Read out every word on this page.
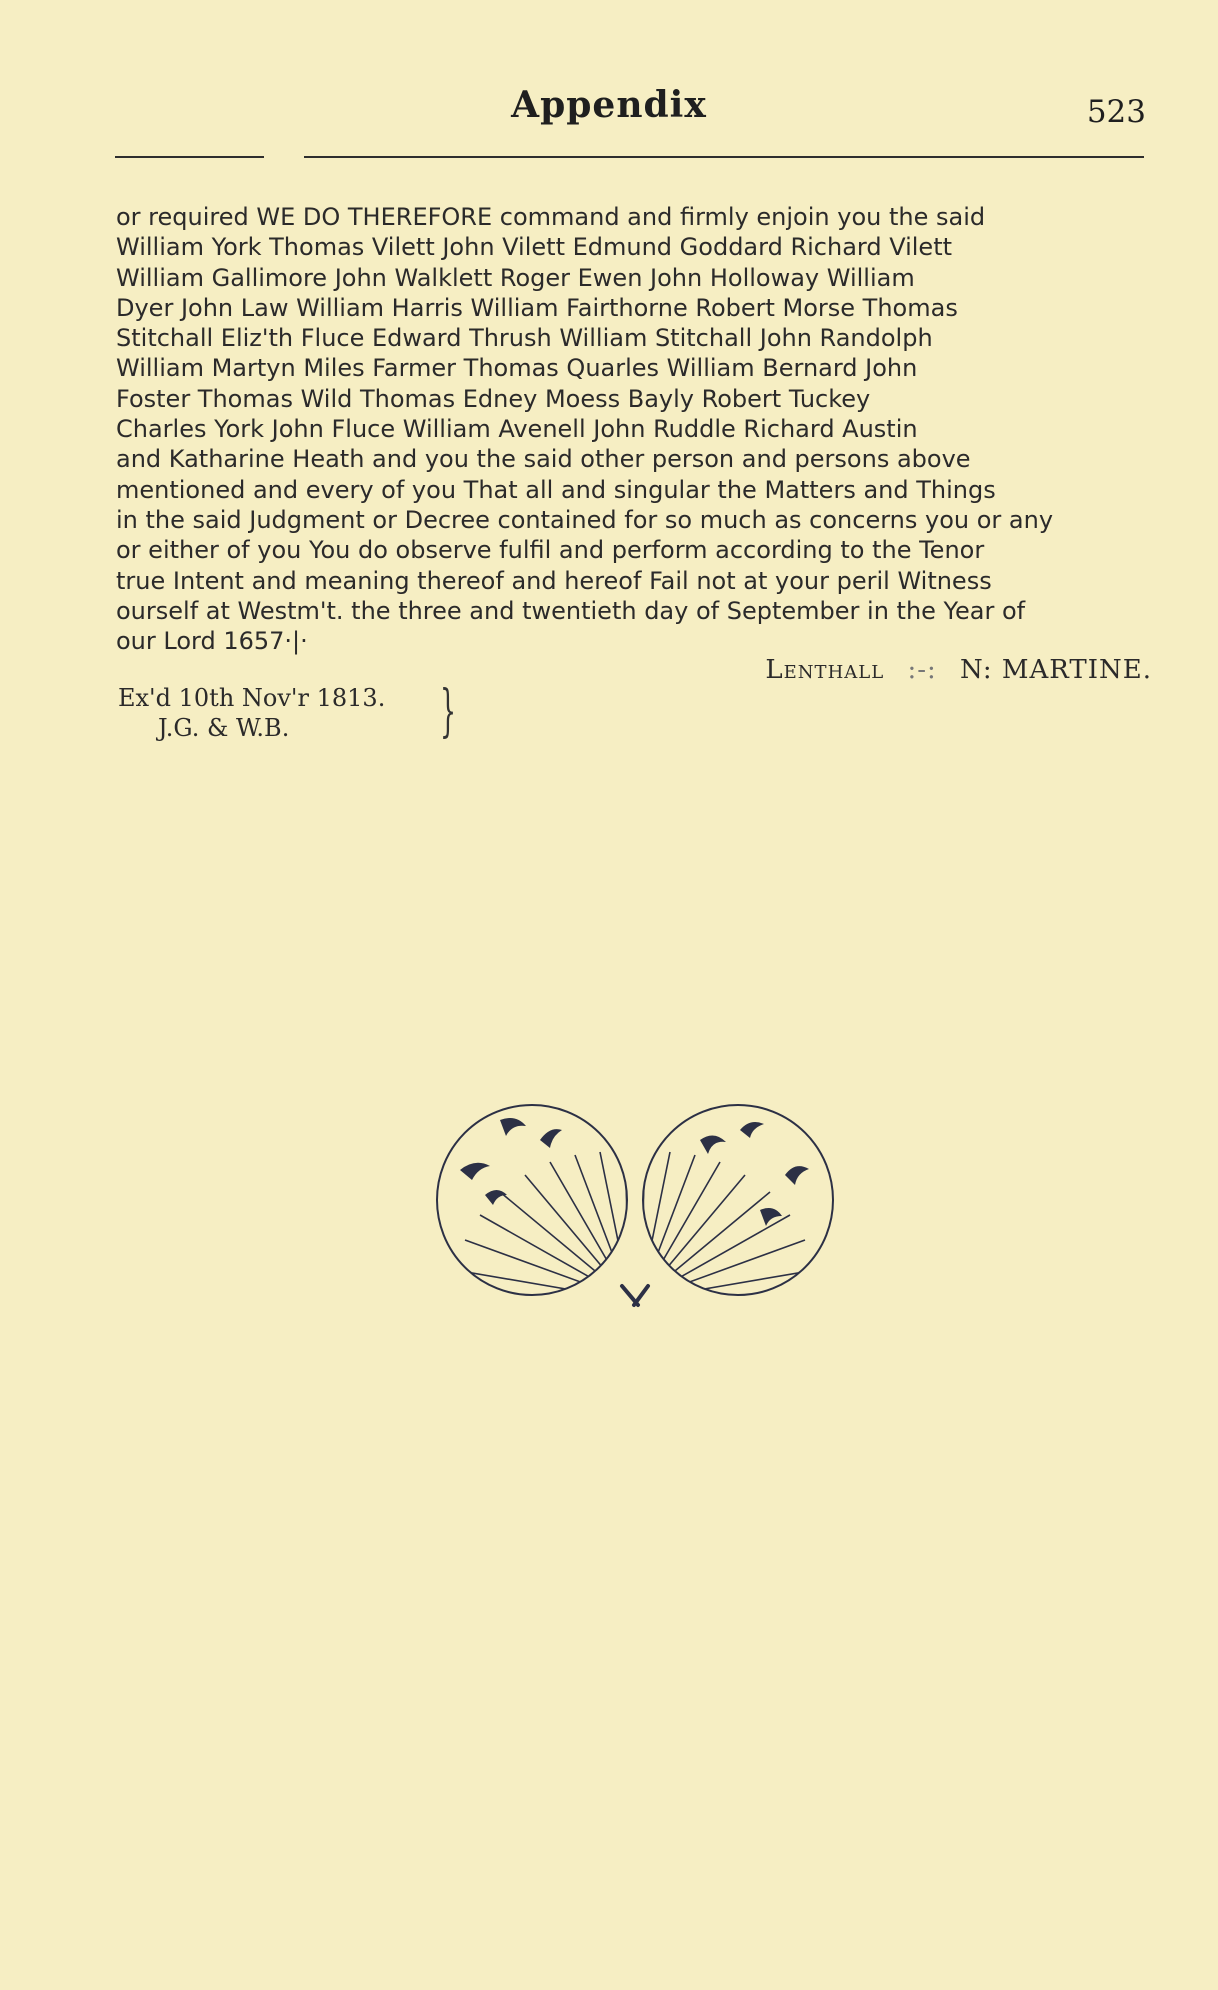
Appendix	523
or required WE DO THEREFORE command and firmly enjoin you the said
William York Thomas Vilett John Vilett Edmund Goddard Richard Vilett
William Gallimore John Walklett Roger Ewen John Holloway William
Dyer John Law William Harris William Fairthorne Robert Morse Thomas
Stitchall Eliz'th Fluce Edward Thrush William Stitchall John Randolph
William Martyn Miles Farmer Thomas Quarles William Bernard John
Foster Thomas Wild Thomas Edney Moess Bayly Robert Tuckey
Charles York John Fluce William Avenell John Ruddle Richard Austin
and Katharine Heath and you the said other person and persons above
mentioned and every of you That all and singular the Matters and Things
in the said Judgment or Decree contained for so much as concerns you or any
or either of you You do observe fulfil and perform according to the Tenor
true Intent and meaning thereof and hereof Fail not at your peril Witness
ourself at Westm't. the three and twentieth day of September in the Year of
our Lord 1657·|·
Lenthall :-: N: MARTINE.
Ex'd 10th Nov'r 1813.
J.G. & W.B.	}
